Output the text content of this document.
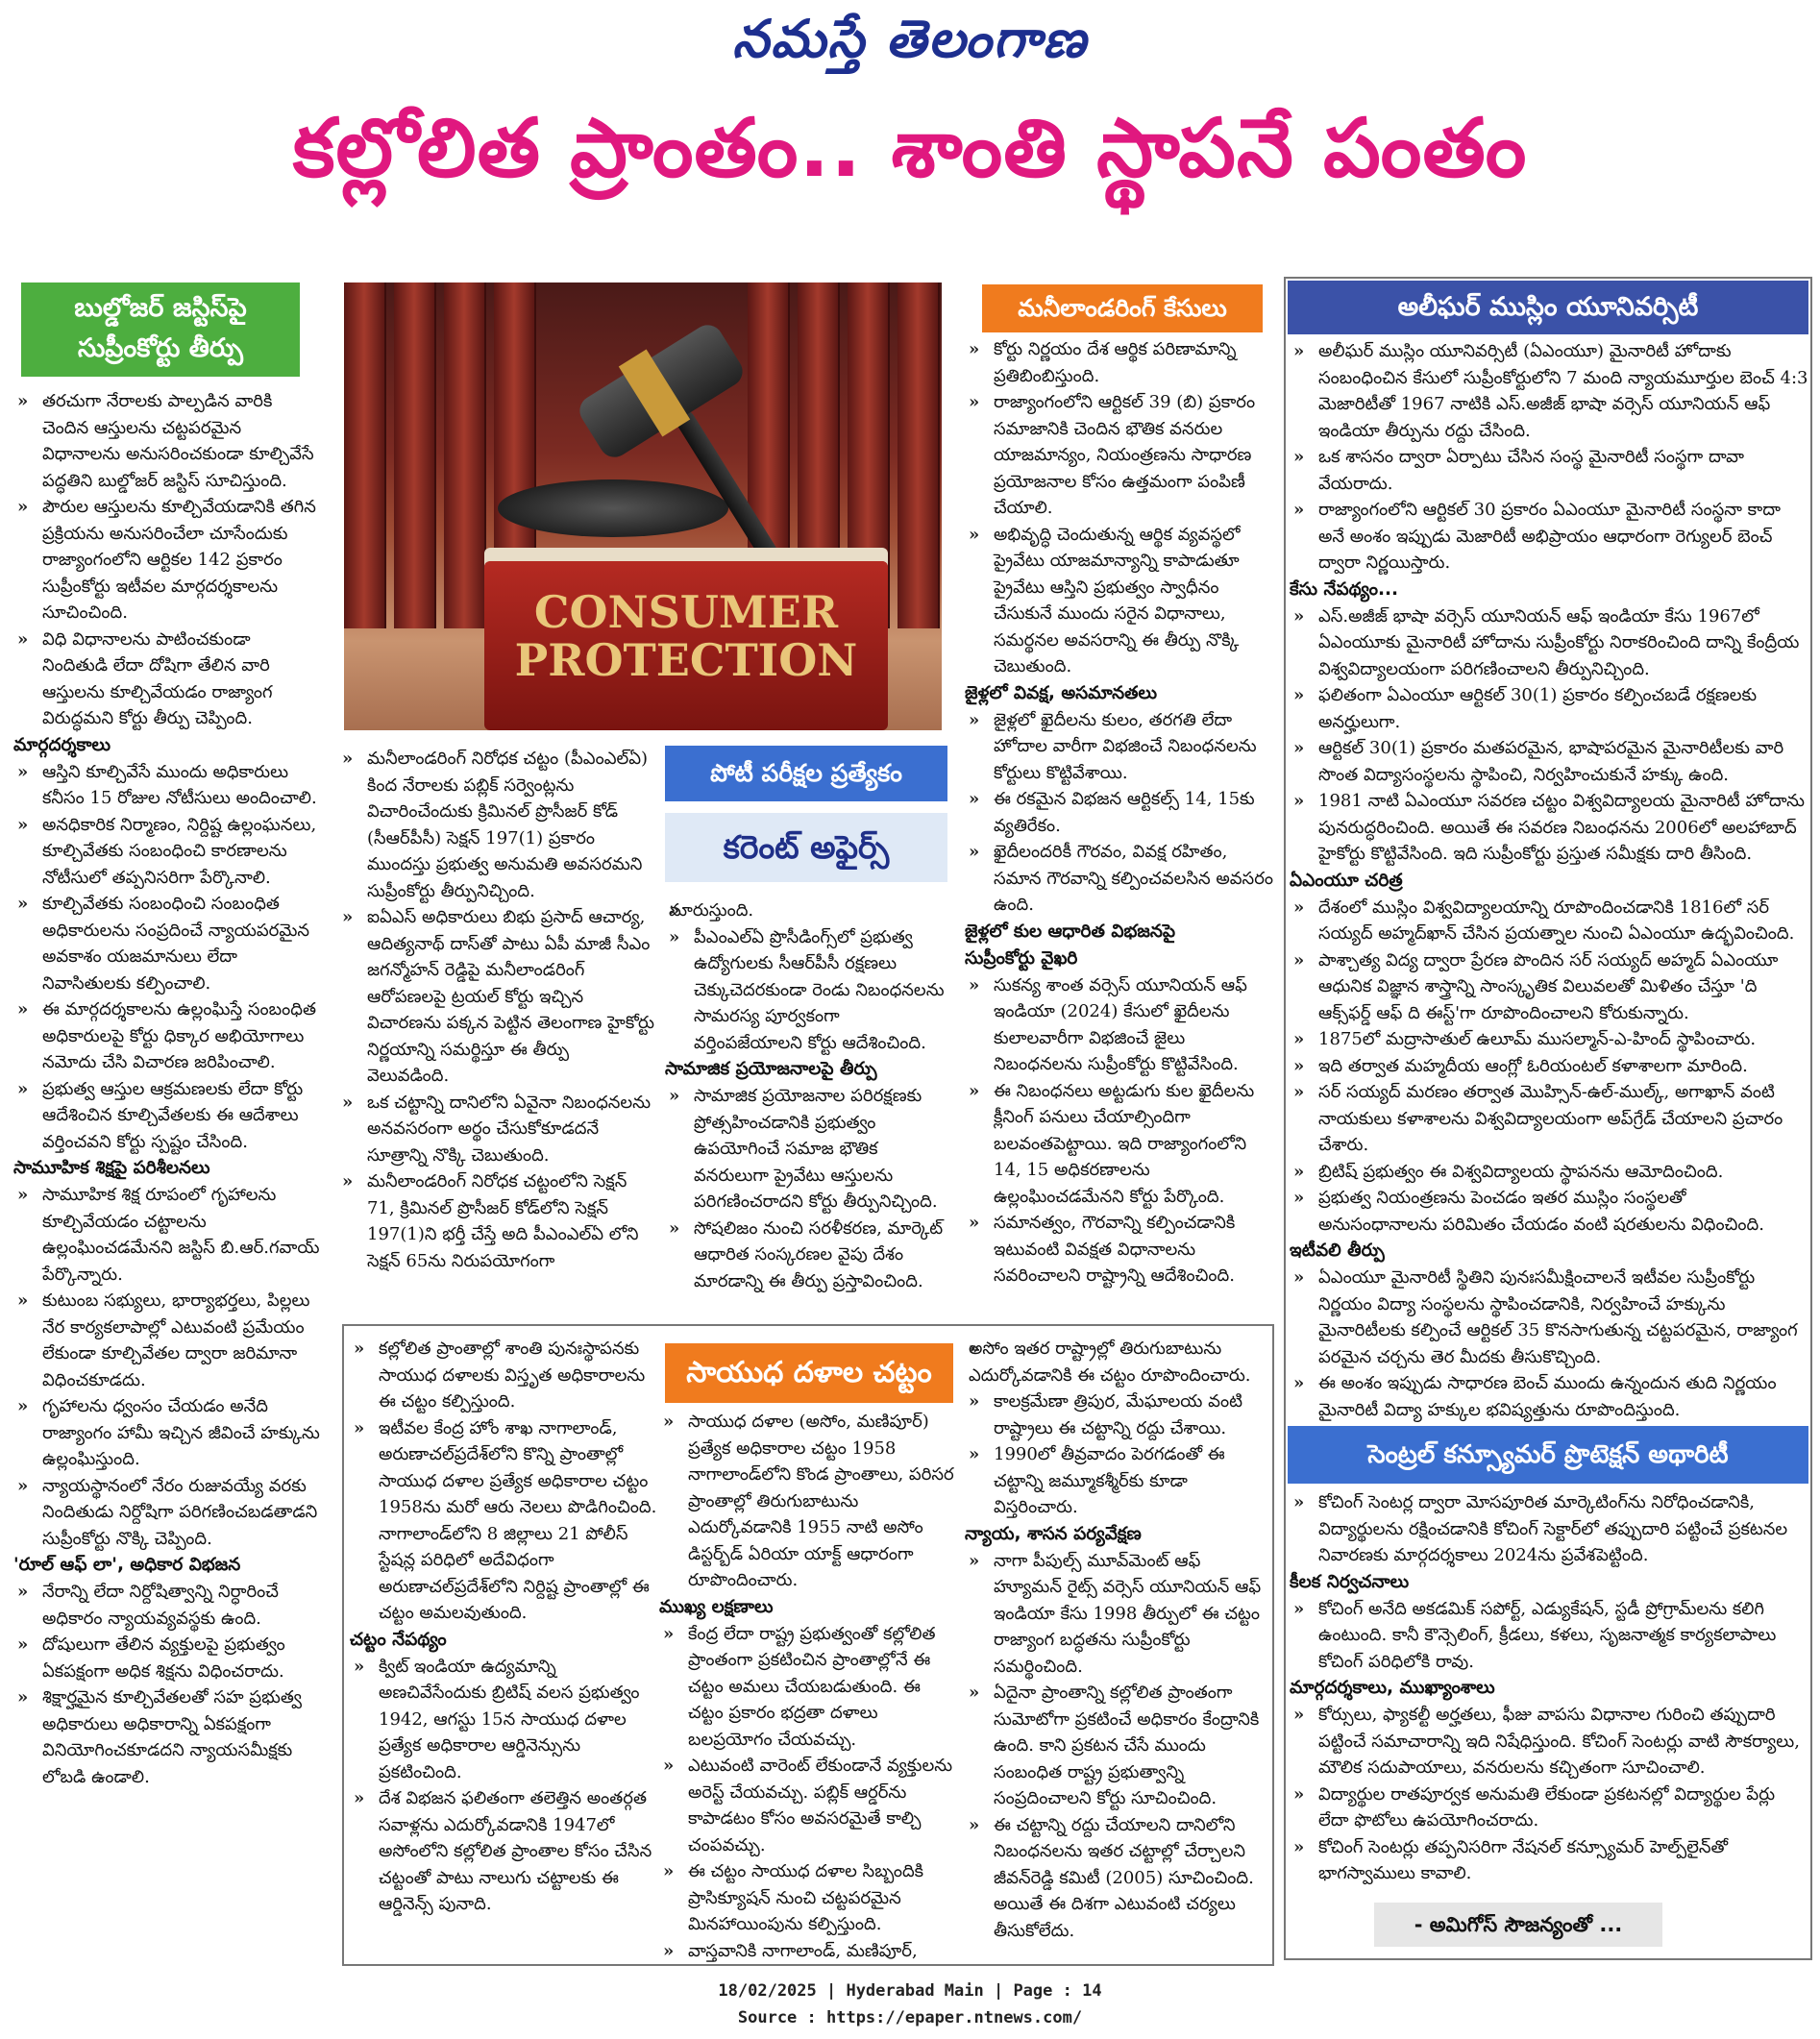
నమస్తే తెలంగాణ
కల్లోలిత ప్రాంతం.. శాంతి స్థాపనే పంతం
బుల్డోజర్ జస్టిస్‌పై
సుప్రీంకోర్టు తీర్పు
» తరచుగా నేరాలకు పాల్పడిన వారికి చెందిన ఆస్తులను చట్టపరమైన విధానాలను అనుసరించకుండా కూల్చివేసే పద్ధతిని బుల్డోజర్ జస్టిస్ సూచిస్తుంది.
» పౌరుల ఆస్తులను కూల్చివేయడానికి తగిన ప్రక్రియను అనుసరించేలా చూసేందుకు రాజ్యాంగంలోని ఆర్టికల 142 ప్రకారం సుప్రీంకోర్టు ఇటీవల మార్గదర్శకాలను సూచించింది.
» విధి విధానాలను పాటించకుండా నిందితుడి లేదా దోషిగా తేలిన వారి ఆస్తులను కూల్చివేయడం రాజ్యాంగ విరుద్ధమని కోర్టు తీర్పు చెప్పింది.
మార్గదర్శకాలు
» ఆస్తిని కూల్చివేసే ముందు అధికారులు కనీసం 15 రోజుల నోటీసులు అందించాలి.
» అనధికారిక నిర్మాణం, నిర్దిష్ట ఉల్లంఘనలు, కూల్చివేతకు సంబంధించి కారణాలను నోటీసులో తప్పనిసరిగా పేర్కొనాలి.
» కూల్చివేతకు సంబంధించి సంబంధిత అధికారులను సంప్రదించే న్యాయపరమైన అవకాశం యజమానులు లేదా నివాసితులకు కల్పించాలి.
» ఈ మార్గదర్శకాలను ఉల్లంఘిస్తే సంబంధిత అధికారులపై కోర్టు ధిక్కార అభియోగాలు నమోదు చేసి విచారణ జరిపించాలి.
» ప్రభుత్వ ఆస్తుల ఆక్రమణలకు లేదా కోర్టు ఆదేశించిన కూల్చివేతలకు ఈ ఆదేశాలు వర్తించవని కోర్టు స్పష్టం చేసింది.
సామూహిక శిక్షపై పరిశీలనలు
» సామూహిక శిక్ష రూపంలో గృహాలను కూల్చివేయడం చట్టాలను ఉల్లంఘించడమేనని జస్టిస్ బి.ఆర్.గవాయ్ పేర్కొన్నారు.
» కుటుంబ సభ్యులు, భార్యాభర్తలు, పిల్లలు నేర కార్యకలాపాల్లో ఎటువంటి ప్రమేయం లేకుండా కూల్చివేతల ద్వారా జరిమానా విధించకూడదు.
» గృహాలను ధ్వంసం చేయడం అనేది రాజ్యాంగం హామీ ఇచ్చిన జీవించే హక్కును ఉల్లంఘిస్తుంది.
» న్యాయస్థానంలో నేరం రుజువయ్యే వరకు నిందితుడు నిర్దోషిగా పరిగణించబడతాడని సుప్రీంకోర్టు నొక్కి చెప్పింది.
'రూల్ ఆఫ్ లా', అధికార విభజన
» నేరాన్ని లేదా నిర్దోషిత్వాన్ని నిర్ధారించే అధికారం న్యాయవ్యవస్థకు ఉంది.
» దోషులుగా తేలిన వ్యక్తులపై ప్రభుత్వం ఏకపక్షంగా అధిక శిక్షను విధించరాదు.
» శిక్షార్హమైన కూల్చివేతలతో సహ ప్రభుత్వ అధికారులు అధికారాన్ని ఏకపక్షంగా వినియోగించకూడదని న్యాయసమీక్షకు లోబడి ఉండాలి.
CONSUMER PROTECTION
» మనీలాండరింగ్ నిరోధక చట్టం (పీఎంఎల్ఏ) కింద నేరాలకు పబ్లిక్ సర్వెంట్లను విచారించేందుకు క్రిమినల్ ప్రొసీజర్ కోడ్ (సీఆర్‌పీసీ) సెక్షన్ 197(1) ప్రకారం ముందస్తు ప్రభుత్వ అనుమతి అవసరమని సుప్రీంకోర్టు తీర్పునిచ్చింది.
» ఐఏఎస్ అధికారులు బిభు ప్రసాద్ ఆచార్య, ఆదిత్యనాథ్ దాస్‌తో పాటు ఏపీ మాజీ సీఎం జగన్మోహన్ రెడ్డిపై మనీలాండరింగ్ ఆరోపణలపై ట్రయల్ కోర్టు ఇచ్చిన విచారణను పక్కన పెట్టిన తెలంగాణ హైకోర్టు నిర్ణయాన్ని సమర్థిస్తూ ఈ తీర్పు వెలువడింది.
» ఒక చట్టాన్ని దానిలోని ఏవైనా నిబంధనలను అనవసరంగా అర్థం చేసుకోకూడదనే సూత్రాన్ని నొక్కి చెబుతుంది.
» మనీలాండరింగ్ నిరోధక చట్టంలోని సెక్షన్ 71, క్రిమినల్ ప్రొసీజర్ కోడ్‌లోని సెక్షన్ 197(1)ని భర్తీ చేస్తే అది పీఎంఎల్ఏ లోని సెక్షన్ 65ను నిరుపయోగంగా
పోటీ పరీక్షల ప్రత్యేకం
కరెంట్ అఫైర్స్
» మారుస్తుంది.
» పీఎంఎల్ఏ ప్రొసీడింగ్స్‌లో ప్రభుత్వ ఉద్యోగులకు సీఆర్‌పీసీ రక్షణలు చెక్కుచెదరకుండా రెండు నిబంధనలను సామరస్య పూర్వకంగా వర్తింపజేయాలని కోర్టు ఆదేశించింది.
సామాజిక ప్రయోజనాలపై తీర్పు
» సామాజిక ప్రయోజనాల పరిరక్షణకు ప్రోత్సహించడానికి ప్రభుత్వం ఉపయోగించే సమాజ భౌతిక వనరులుగా ప్రైవేటు ఆస్తులను పరిగణించరాదని కోర్టు తీర్పునిచ్చింది.
» సోషలిజం నుంచి సరళీకరణ, మార్కెట్ ఆధారిత సంస్కరణల వైపు దేశం మారడాన్ని ఈ తీర్పు ప్రస్తావించింది.
మనీలాండరింగ్ కేసులు
» కోర్టు నిర్ణయం దేశ ఆర్థిక పరిణామాన్ని ప్రతిబింబిస్తుంది.
» రాజ్యాంగంలోని ఆర్టికల్ 39 (బి) ప్రకారం సమాజానికి చెందిన భౌతిక వనరుల యాజమాన్యం, నియంత్రణను సాధారణ ప్రయోజనాల కోసం ఉత్తమంగా పంపిణీ చేయాలి.
» అభివృద్ధి చెందుతున్న ఆర్థిక వ్యవస్థలో ప్రైవేటు యాజమాన్యాన్ని కాపాడుతూ ప్రైవేటు ఆస్తిని ప్రభుత్వం స్వాధీనం చేసుకునే ముందు సరైన విధానాలు, సమర్థనల అవసరాన్ని ఈ తీర్పు నొక్కి చెబుతుంది.
జైళ్లలో వివక్ష, అసమానతలు
» జైళ్లలో ఖైదీలను కులం, తరగతి లేదా హోదాల వారీగా విభజించే నిబంధనలను కోర్టులు కొట్టివేశాయి.
» ఈ రకమైన విభజన ఆర్టికల్స్ 14, 15కు వ్యతిరేకం.
» ఖైదీలందరికీ గౌరవం, వివక్ష రహితం, సమాన గౌరవాన్ని కల్పించవలసిన అవసరం ఉంది.
జైళ్లలో కుల ఆధారిత విభజనపై
సుప్రీంకోర్టు వైఖరి
» సుకన్య శాంత వర్సెస్ యూనియన్ ఆఫ్ ఇండియా (2024) కేసులో ఖైదీలను కులాలవారీగా విభజించే జైలు నిబంధనలను సుప్రీంకోర్టు కొట్టివేసింది.
» ఈ నిబంధనలు అట్టడుగు కుల ఖైదీలను క్లీనింగ్ పనులు చేయాల్సిందిగా బలవంతపెట్టాయి. ఇది రాజ్యాంగంలోని 14, 15 అధికరణాలను ఉల్లంఘించడమేనని కోర్టు పేర్కొంది.
» సమానత్వం, గౌరవాన్ని కల్పించడానికి ఇటువంటి వివక్షత విధానాలను సవరించాలని రాష్ట్రాన్ని ఆదేశించింది.
అలీఘర్ ముస్లిం యూనివర్సిటీ
» అలీఘర్ ముస్లిం యూనివర్సిటీ (ఏఎంయూ) మైనారిటీ హోదాకు సంబంధించిన కేసులో సుప్రీంకోర్టులోని 7 మంది న్యాయమూర్తుల బెంచ్ 4:3 మెజారిటీతో 1967 నాటికి ఎస్.అజీజ్ భాషా వర్సెస్ యూనియన్ ఆఫ్ ఇండియా తీర్పును రద్దు చేసింది.
» ఒక శాసనం ద్వారా ఏర్పాటు చేసిన సంస్థ మైనారిటీ సంస్థగా దావా వేయరాదు.
» రాజ్యాంగంలోని ఆర్టికల్ 30 ప్రకారం ఏఎంయూ మైనారిటీ సంస్థనా కాదా అనే అంశం ఇప్పుడు మెజారిటీ అభిప్రాయం ఆధారంగా రెగ్యులర్ బెంచ్ ద్వారా నిర్ణయిస్తారు.
కేసు నేపథ్యం...
» ఎస్.అజీజ్ భాషా వర్సెస్ యూనియన్ ఆఫ్ ఇండియా కేసు 1967లో ఏఎంయూకు మైనారిటీ హోదాను సుప్రీంకోర్టు నిరాకరించింది దాన్ని కేంద్రీయ విశ్వవిద్యాలయంగా పరిగణించాలని తీర్పునిచ్చింది.
» ఫలితంగా ఏఎంయూ ఆర్టికల్ 30(1) ప్రకారం కల్పించబడే రక్షణలకు అనర్హులుగా.
» ఆర్టికల్ 30(1) ప్రకారం మతపరమైన, భాషాపరమైన మైనారిటీలకు వారి సొంత విద్యాసంస్థలను స్థాపించి, నిర్వహించుకునే హక్కు ఉంది.
» 1981 నాటి ఏఎంయూ సవరణ చట్టం విశ్వవిద్యాలయ మైనారిటీ హోదాను పునరుద్ధరించింది. అయితే ఈ సవరణ నిబంధనను 2006లో అలహాబాద్ హైకోర్టు కొట్టివేసింది. ఇది సుప్రీంకోర్టు ప్రస్తుత సమీక్షకు దారి తీసింది.
ఏఎంయూ చరిత్ర
» దేశంలో ముస్లిం విశ్వవిద్యాలయాన్ని రూపొందించడానికి 1816లో సర్ సయ్యద్ అహ్మద్‌ఖాన్ చేసిన ప్రయత్నాల నుంచి ఏఎంయూ ఉద్భవించింది.
» పాశ్చాత్య విద్య ద్వారా ప్రేరణ పొందిన సర్ సయ్యద్ అహ్మద్ ఏఎంయూ ఆధునిక విజ్ఞాన శాస్త్రాన్ని సాంస్కృతిక విలువలతో మిళితం చేస్తూ 'ది ఆక్స్‌ఫర్డ్ ఆఫ్ ది ఈస్ట్'గా రూపొందించాలని కోరుకున్నారు.
» 1875లో మద్రాసాతుల్ ఉలూమ్ ముసల్మాన్-ఎ-హింద్ స్థాపించారు.
» ఇది తర్వాత మహ్మదీయ ఆంగ్లో ఓరియంటల్ కళాశాలగా మారింది.
» సర్ సయ్యద్ మరణం తర్వాత మొహ్సిన్-ఉల్-ముల్క్, అగాఖాన్ వంటి నాయకులు కళాశాలను విశ్వవిద్యాలయంగా అప్‌గ్రేడ్ చేయాలని ప్రచారం చేశారు.
» బ్రిటిష్ ప్రభుత్వం ఈ విశ్వవిద్యాలయ స్థాపనను ఆమోదించింది.
» ప్రభుత్వ నియంత్రణను పెంచడం ఇతర ముస్లిం సంస్థలతో అనుసంధానాలను పరిమితం చేయడం వంటి షరతులను విధించింది.
ఇటీవలి తీర్పు
» ఏఎంయూ మైనారిటీ స్థితిని పునఃసమీక్షించాలనే ఇటీవల సుప్రీంకోర్టు నిర్ణయం విద్యా సంస్థలను స్థాపించడానికి, నిర్వహించే హక్కును మైనారిటీలకు కల్పించే ఆర్టికల్ 35 కొనసాగుతున్న చట్టపరమైన, రాజ్యాంగ పరమైన చర్చను తెర మీదకు తీసుకొచ్చింది.
» ఈ అంశం ఇప్పుడు సాధారణ బెంచ్ ముందు ఉన్నందున తుది నిర్ణయం మైనారిటీ విద్యా హక్కుల భవిష్యత్తును రూపొందిస్తుంది.
»
సెంట్రల్ కన్స్యూమర్ ప్రొటెక్షన్ అథారిటీ
» కోచింగ్ సెంటర్ల ద్వారా మోసపూరిత మార్కెటింగ్‌ను నిరోధించడానికి, విద్యార్థులను రక్షించడానికి కోచింగ్ సెక్టార్‌లో తప్పుదారి పట్టించే ప్రకటనల నివారణకు మార్గదర్శకాలు 2024ను ప్రవేశపెట్టింది.
కీలక నిర్వచనాలు
» కోచింగ్ అనేది అకడమిక్ సపోర్ట్, ఎడ్యుకేషన్, స్టడీ ప్రోగ్రామ్‌లను కలిగి ఉంటుంది. కానీ కౌన్సెలింగ్, క్రీడలు, కళలు, సృజనాత్మక కార్యకలాపాలు కోచింగ్ పరిధిలోకి రావు.
మార్గదర్శకాలు, ముఖ్యాంశాలు
» కోర్సులు, ఫ్యాకల్టీ అర్హతలు, ఫీజు వాపసు విధానాల గురించి తప్పుదారి పట్టించే సమాచారాన్ని ఇది నిషేధిస్తుంది. కోచింగ్ సెంటర్లు వాటి సౌకర్యాలు, మౌలిక సదుపాయాలు, వనరులను కచ్చితంగా సూచించాలి.
» విద్యార్థుల రాతపూర్వక అనుమతి లేకుండా ప్రకటనల్లో విద్యార్థుల పేర్లు లేదా ఫొటోలు ఉపయోగించరాదు.
» కోచింగ్ సెంటర్లు తప్పనిసరిగా నేషనల్ కన్స్యూమర్ హెల్ప్‌లైన్‌తో భాగస్వాములు కావాలి.
- అమిగోస్ సౌజన్యంతో ...
సాయుధ దళాల చట్టం
» కల్లోలిత ప్రాంతాల్లో శాంతి పునఃస్థాపనకు సాయుధ దళాలకు విస్తృత అధికారాలను ఈ చట్టం కల్పిస్తుంది.
» ఇటీవల కేంద్ర హోం శాఖ నాగాలాండ్, అరుణాచల్‌ప్రదేశ్‌లోని కొన్ని ప్రాంతాల్లో సాయుధ దళాల ప్రత్యేక అధికారాల చట్టం 1958ను మరో ఆరు నెలలు పొడిగించింది. నాగాలాండ్‌లోని 8 జిల్లాలు 21 పోలీస్ స్టేషన్ల పరిధిలో అదేవిధంగా అరుణాచల్‌ప్రదేశ్‌లోని నిర్దిష్ట ప్రాంతాల్లో ఈ చట్టం అమలవుతుంది.
చట్టం నేపథ్యం
» క్విట్ ఇండియా ఉద్యమాన్ని అణచివేసేందుకు బ్రిటిష్ వలస ప్రభుత్వం 1942, ఆగస్టు 15న సాయుధ దళాల ప్రత్యేక అధికారాల ఆర్డినెన్సును ప్రకటించింది.
» దేశ విభజన ఫలితంగా తలెత్తిన అంతర్గత సవాళ్లను ఎదుర్కోవడానికి 1947లో అసోంలోని కల్లోలిత ప్రాంతాల కోసం చేసిన చట్టంతో పాటు నాలుగు చట్టాలకు ఈ ఆర్డినెన్స్ పునాది.
» సాయుధ దళాల (అసోం, మణిపూర్) ప్రత్యేక అధికారాల చట్టం 1958 నాగాలాండ్‌లోని కొండ ప్రాంతాలు, పరిసర ప్రాంతాల్లో తిరుగుబాటును ఎదుర్కోవడానికి 1955 నాటి అసోం డిస్టర్బ్‌డ్ ఏరియా యాక్ట్ ఆధారంగా రూపొందించారు.
ముఖ్య లక్షణాలు
» కేంద్ర లేదా రాష్ట్ర ప్రభుత్వంతో కల్లోలిత ప్రాంతంగా ప్రకటించిన ప్రాంతాల్లోనే ఈ చట్టం అమలు చేయబడుతుంది. ఈ చట్టం ప్రకారం భద్రతా దళాలు బలప్రయోగం చేయవచ్చు.
» ఎటువంటి వారెంట్ లేకుండానే వ్యక్తులను అరెస్ట్ చేయవచ్చు. పబ్లిక్ ఆర్డర్‌ను కాపాడటం కోసం అవసరమైతే కాల్చి చంపవచ్చు.
» ఈ చట్టం సాయుధ దళాల సిబ్బందికి ప్రాసిక్యూషన్ నుంచి చట్టపరమైన మినహాయింపును కల్పిస్తుంది.
» వాస్తవానికి నాగాలాండ్, మణిపూర్,
» అసోం ఇతర రాష్ట్రాల్లో తిరుగుబాటును ఎదుర్కోవడానికి ఈ చట్టం రూపొందించారు.
» కాలక్రమేణా త్రిపుర, మేఘాలయ వంటి రాష్ట్రాలు ఈ చట్టాన్ని రద్దు చేశాయి.
» 1990లో తీవ్రవాదం పెరగడంతో ఈ చట్టాన్ని జమ్మూకశ్మీర్‌కు కూడా విస్తరించారు.
న్యాయ, శాసన పర్యవేక్షణ
» నాగా పీపుల్స్ మూవ్‌మెంట్ ఆఫ్ హ్యూమన్ రైట్స్ వర్సెస్ యూనియన్ ఆఫ్ ఇండియా కేసు 1998 తీర్పులో ఈ చట్టం రాజ్యాంగ బద్ధతను సుప్రీంకోర్టు సమర్థించింది.
» ఏదైనా ప్రాంతాన్ని కల్లోలిత ప్రాంతంగా సుమోటోగా ప్రకటించే అధికారం కేంద్రానికి ఉంది. కాని ప్రకటన చేసే ముందు సంబంధిత రాష్ట్ర ప్రభుత్వాన్ని సంప్రదించాలని కోర్టు సూచించింది.
» ఈ చట్టాన్ని రద్దు చేయాలని దానిలోని నిబంధనలను ఇతర చట్టాల్లో చేర్చాలని జీవన్‌రెడ్డి కమిటీ (2005) సూచించింది. అయితే ఈ దిశగా ఎటువంటి చర్యలు తీసుకోలేదు.
18/02/2025 | Hyderabad Main | Page : 14
Source : https://epaper.ntnews.com/
